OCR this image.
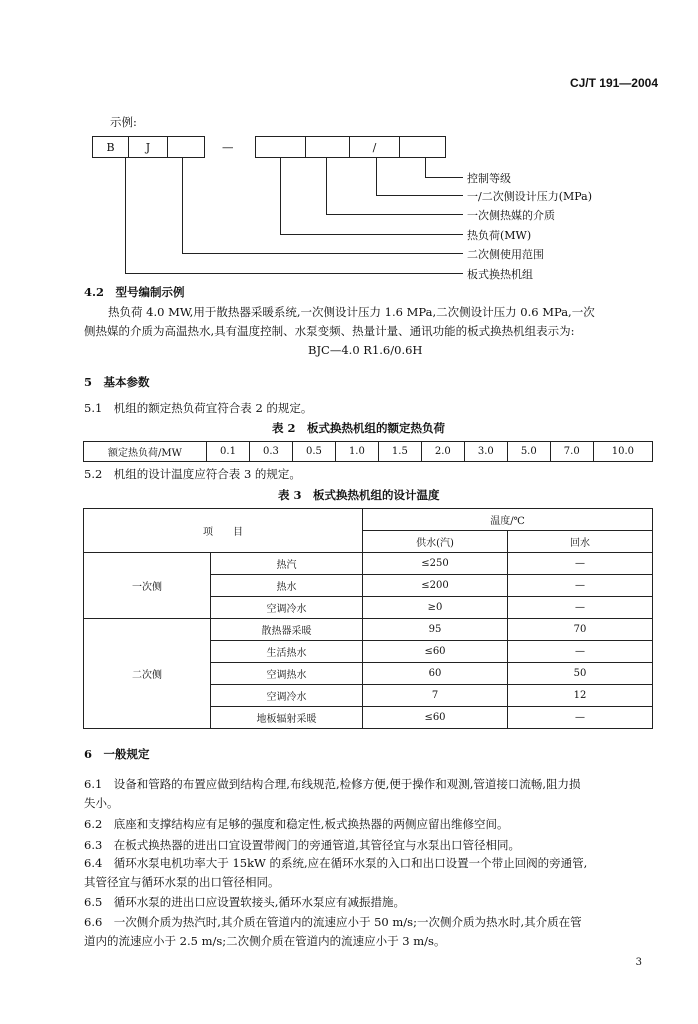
CJ/T 191—2004
示例:
B	J	—	/
控制等级
一/二次侧设计压力(MPa)
一次侧热媒的介质
热负荷(MW)
二次侧使用范围
板式换热机组
4.2　型号编制示例
热负荷 4.0 MW,用于散热器采暖系统,一次侧设计压力 1.6 MPa,二次侧设计压力 0.6 MPa,一次
侧热媒的介质为高温热水,具有温度控制、水泵变频、热量计量、通讯功能的板式换热机组表示为:
BJC—4.0 R1.6/0.6H
5　基本参数
5.1　机组的额定热负荷宜符合表 2 的规定。
表 2　板式换热机组的额定热负荷
额定热负荷/MW	0.1	0.3	0.5	1.0	1.5	2.0	3.0	5.0	7.0	10.0
5.2　机组的设计温度应符合表 3 的规定。
表 3　板式换热机组的设计温度
项　　目		温度/℃	
		供水(汽)	回水
一次侧	热汽	≤250	—
	热水	≤200	—
	空调冷水	≥0	—
二次侧	散热器采暖	95	70
	生活热水	≤60	—
	空调热水	60	50
	空调冷水	7	12
	地板辐射采暖	≤60	—
6　一般规定
6.1　设备和管路的布置应做到结构合理,布线规范,检修方便,便于操作和观测,管道接口流畅,阻力损
失小。
6.2　底座和支撑结构应有足够的强度和稳定性,板式换热器的两侧应留出维修空间。
6.3　在板式换热器的进出口宜设置带阀门的旁通管道,其管径宜与水泵出口管径相同。
6.4　循环水泵电机功率大于 15kW 的系统,应在循环水泵的入口和出口设置一个带止回阀的旁通管,
其管径宜与循环水泵的出口管径相同。
6.5　循环水泵的进出口应设置软接头,循环水泵应有减振措施。
6.6　一次侧介质为热汽时,其介质在管道内的流速应小于 50 m/s;一次侧介质为热水时,其介质在管
道内的流速应小于 2.5 m/s;二次侧介质在管道内的流速应小于 3 m/s。
3
